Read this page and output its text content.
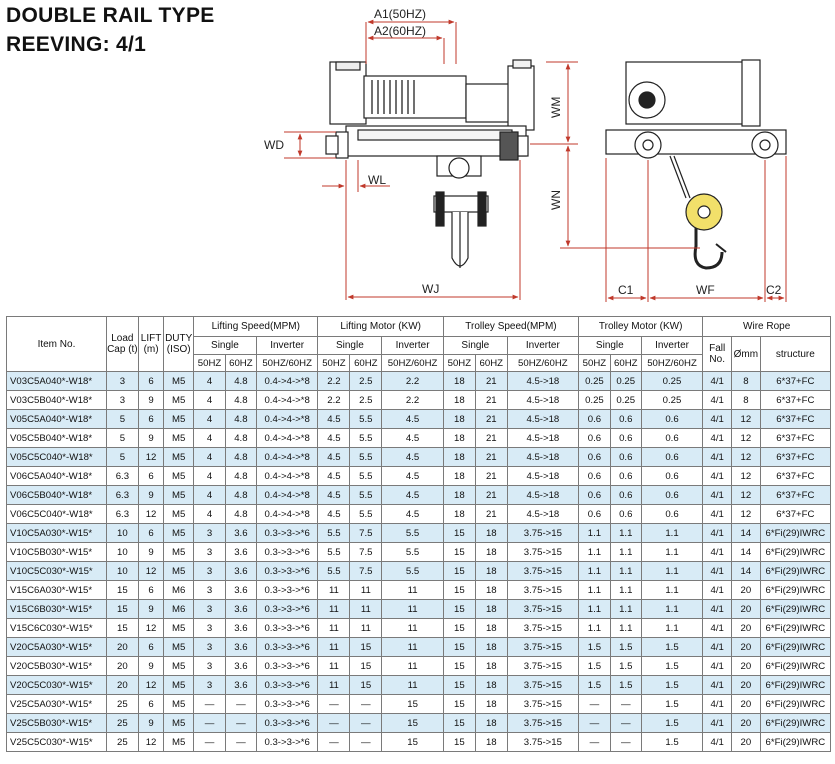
DOUBLE RAIL TYPE
REEVING: 4/1
A1(50HZ)
A2(60HZ)
WD
WL
WM
WN
WJ	C1	WF	C2
Item No.	Load Cap (t)	LIFT (m)	DUTY (ISO)	Lifting Speed(MPM)			Lifting Motor (KW)			Trolley Speed(MPM)			Trolley Motor (KW)			Wire Rope		
				Single		Inverter	Single		Inverter	Single		Inverter	Single		Inverter	Fall No.	Ømm	structure
				50HZ	60HZ	50HZ/60HZ	50HZ	60HZ	50HZ/60HZ	50HZ	60HZ	50HZ/60HZ	50HZ	60HZ	50HZ/60HZ			
V03C5A040*-W18*	3	6	M5	4	4.8	0.4->4->*8	2.2	2.5	2.2	18	21	4.5->18	0.25	0.25	0.25	4/1	8	6*37+FC
V03C5B040*-W18*	3	9	M5	4	4.8	0.4->4->*8	2.2	2.5	2.2	18	21	4.5->18	0.25	0.25	0.25	4/1	8	6*37+FC
V05C5A040*-W18*	5	6	M5	4	4.8	0.4->4->*8	4.5	5.5	4.5	18	21	4.5->18	0.6	0.6	0.6	4/1	12	6*37+FC
V05C5B040*-W18*	5	9	M5	4	4.8	0.4->4->*8	4.5	5.5	4.5	18	21	4.5->18	0.6	0.6	0.6	4/1	12	6*37+FC
V05C5C040*-W18*	5	12	M5	4	4.8	0.4->4->*8	4.5	5.5	4.5	18	21	4.5->18	0.6	0.6	0.6	4/1	12	6*37+FC
V06C5A040*-W18*	6.3	6	M5	4	4.8	0.4->4->*8	4.5	5.5	4.5	18	21	4.5->18	0.6	0.6	0.6	4/1	12	6*37+FC
V06C5B040*-W18*	6.3	9	M5	4	4.8	0.4->4->*8	4.5	5.5	4.5	18	21	4.5->18	0.6	0.6	0.6	4/1	12	6*37+FC
V06C5C040*-W18*	6.3	12	M5	4	4.8	0.4->4->*8	4.5	5.5	4.5	18	21	4.5->18	0.6	0.6	0.6	4/1	12	6*37+FC
V10C5A030*-W15*	10	6	M5	3	3.6	0.3->3->*6	5.5	7.5	5.5	15	18	3.75->15	1.1	1.1	1.1	4/1	14	6*Fi(29)IWRC
V10C5B030*-W15*	10	9	M5	3	3.6	0.3->3->*6	5.5	7.5	5.5	15	18	3.75->15	1.1	1.1	1.1	4/1	14	6*Fi(29)IWRC
V10C5C030*-W15*	10	12	M5	3	3.6	0.3->3->*6	5.5	7.5	5.5	15	18	3.75->15	1.1	1.1	1.1	4/1	14	6*Fi(29)IWRC
V15C6A030*-W15*	15	6	M6	3	3.6	0.3->3->*6	11	11	11	15	18	3.75->15	1.1	1.1	1.1	4/1	20	6*Fi(29)IWRC
V15C6B030*-W15*	15	9	M6	3	3.6	0.3->3->*6	11	11	11	15	18	3.75->15	1.1	1.1	1.1	4/1	20	6*Fi(29)IWRC
V15C6C030*-W15*	15	12	M5	3	3.6	0.3->3->*6	11	11	11	15	18	3.75->15	1.1	1.1	1.1	4/1	20	6*Fi(29)IWRC
V20C5A030*-W15*	20	6	M5	3	3.6	0.3->3->*6	11	15	11	15	18	3.75->15	1.5	1.5	1.5	4/1	20	6*Fi(29)IWRC
V20C5B030*-W15*	20	9	M5	3	3.6	0.3->3->*6	11	15	11	15	18	3.75->15	1.5	1.5	1.5	4/1	20	6*Fi(29)IWRC
V20C5C030*-W15*	20	12	M5	3	3.6	0.3->3->*6	11	15	11	15	18	3.75->15	1.5	1.5	1.5	4/1	20	6*Fi(29)IWRC
V25C5A030*-W15*	25	6	M5	—	—	0.3->3->*6	—	—	15	15	18	3.75->15	—	—	1.5	4/1	20	6*Fi(29)IWRC
V25C5B030*-W15*	25	9	M5	—	—	0.3->3->*6	—	—	15	15	18	3.75->15	—	—	1.5	4/1	20	6*Fi(29)IWRC
V25C5C030*-W15*	25	12	M5	—	—	0.3->3->*6	—	—	15	15	18	3.75->15	—	—	1.5	4/1	20	6*Fi(29)IWRC
